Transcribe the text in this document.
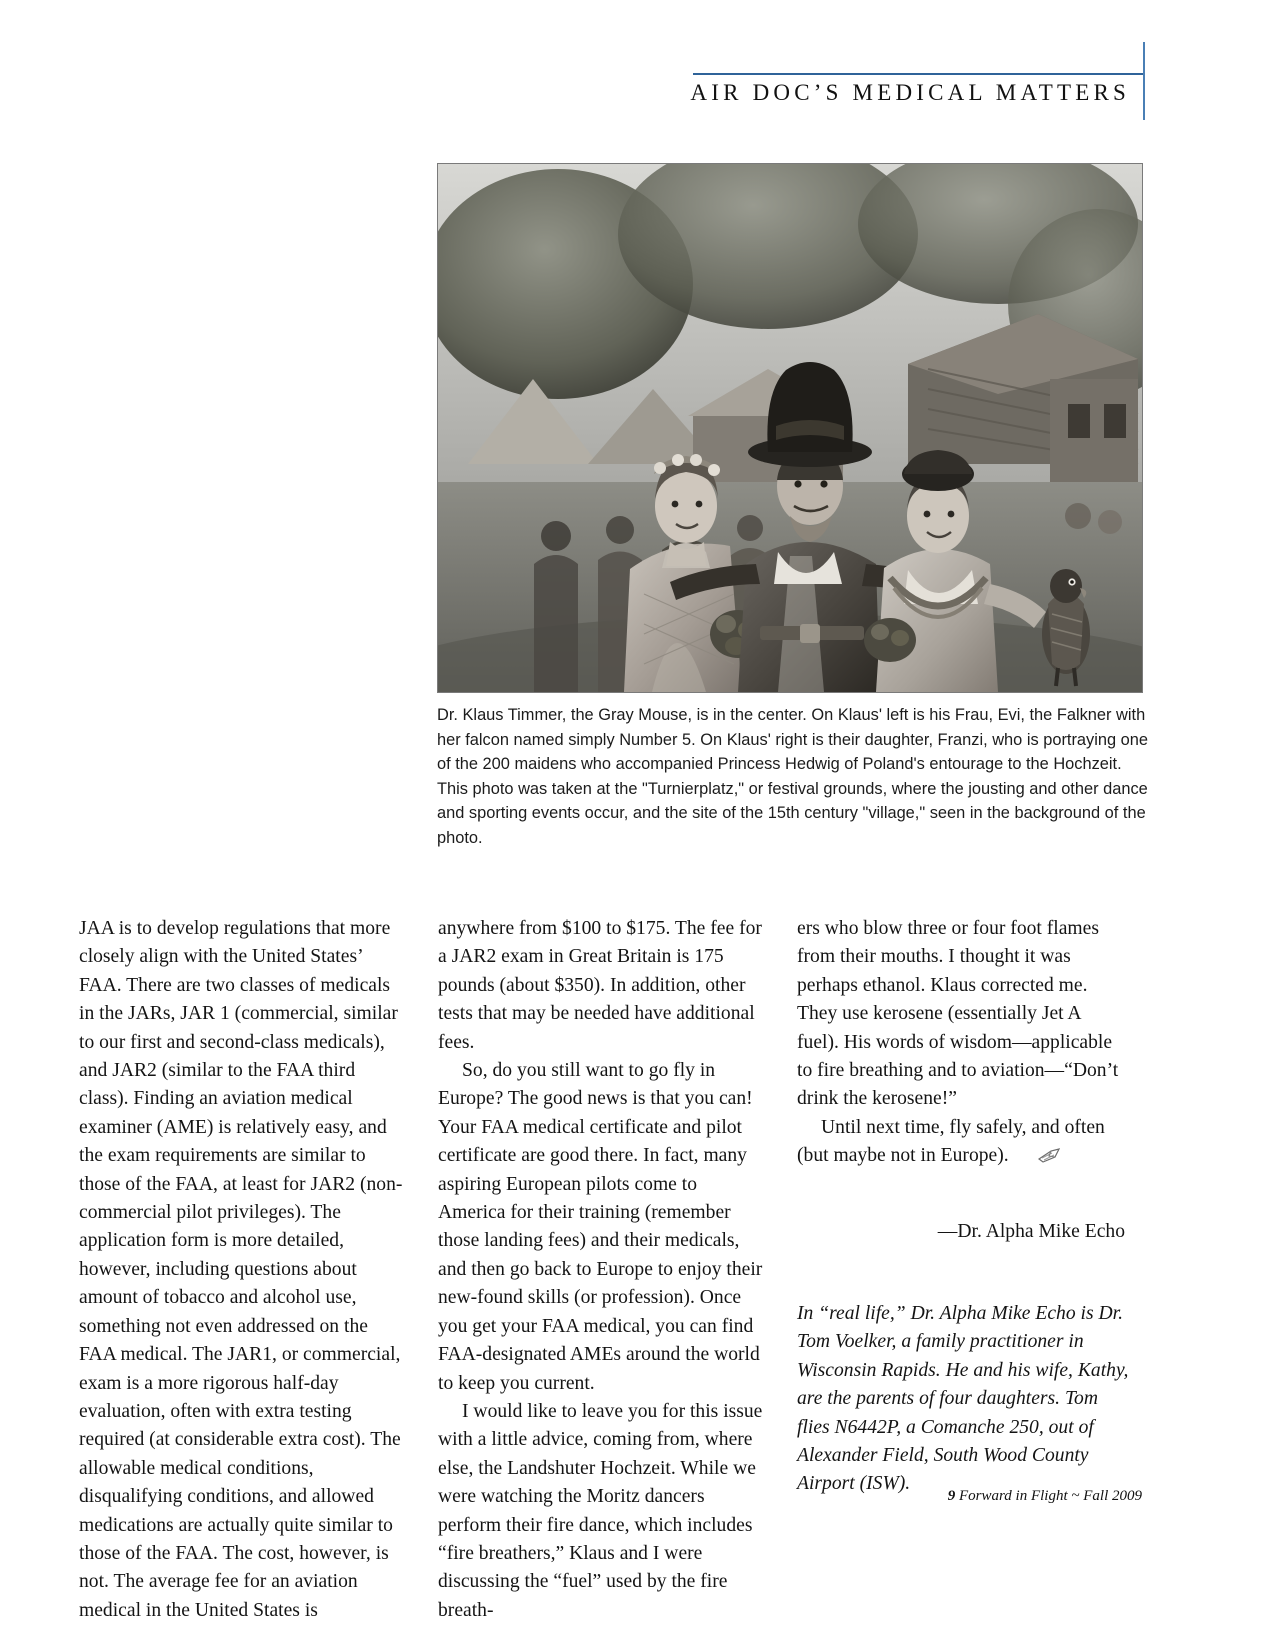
AIR DOC’S MEDICAL MATTERS
Dr. Klaus Timmer, the Gray Mouse, is in the center. On Klaus' left is his Frau, Evi, the Falkner with her falcon named simply Number 5. On Klaus' right is their daughter, Franzi, who is portraying one of the 200 maidens who accompanied Princess Hedwig of Poland's entourage to the Hochzeit. This photo was taken at the "Turnierplatz," or festival grounds, where the jousting and other dance and sporting events occur, and the site of the 15th century "village," seen in the background of the photo.

JAA is to develop regulations that more closely align with the United States’ FAA. There are two classes of medicals in the JARs, JAR 1 (commercial, similar to our first and second-class medicals), and JAR2 (similar to the FAA third class). Finding an aviation medical examiner (AME) is relatively easy, and the exam requirements are similar to those of the FAA, at least for JAR2 (non-commercial pilot privileges). The application form is more detailed, however, including questions about amount of tobacco and alcohol use, something not even addressed on the FAA medical. The JAR1, or commercial, exam is a more rigorous half-day evaluation, often with extra testing required (at considerable extra cost). The allowable medical conditions, disqualifying conditions, and allowed medications are actually quite similar to those of the FAA. The cost, however, is not. The average fee for an aviation medical in the United States is

anywhere from $100 to $175. The fee for a JAR2 exam in Great Britain is 175 pounds (about $350). In addition, other tests that may be needed have additional fees.

So, do you still want to go fly in Europe? The good news is that you can! Your FAA medical certificate and pilot certificate are good there. In fact, many aspiring European pilots come to America for their training (remember those landing fees) and their medicals, and then go back to Europe to enjoy their new-found skills (or profession). Once you get your FAA medical, you can find FAA-designated AMEs around the world to keep you current.

I would like to leave you for this issue with a little advice, coming from, where else, the Landshuter Hochzeit. While we were watching the Moritz dancers perform their fire dance, which includes “fire breathers,” Klaus and I were discussing the “fuel” used by the fire breath-

ers who blow three or four foot flames from their mouths. I thought it was perhaps ethanol. Klaus corrected me. They use kerosene (essentially Jet A fuel). His words of wisdom—applicable to fire breathing and to aviation—“Don’t drink the kerosene!”

Until next time, fly safely, and often (but maybe not in Europe).

—Dr. Alpha Mike Echo

In “real life,” Dr. Alpha Mike Echo is Dr. Tom Voelker, a family practitioner in Wisconsin Rapids. He and his wife, Kathy, are the parents of four daughters. Tom flies N6442P, a Comanche 250, out of Alexander Field, South Wood County Airport (ISW).

9 Forward in Flight ~ Fall 2009
